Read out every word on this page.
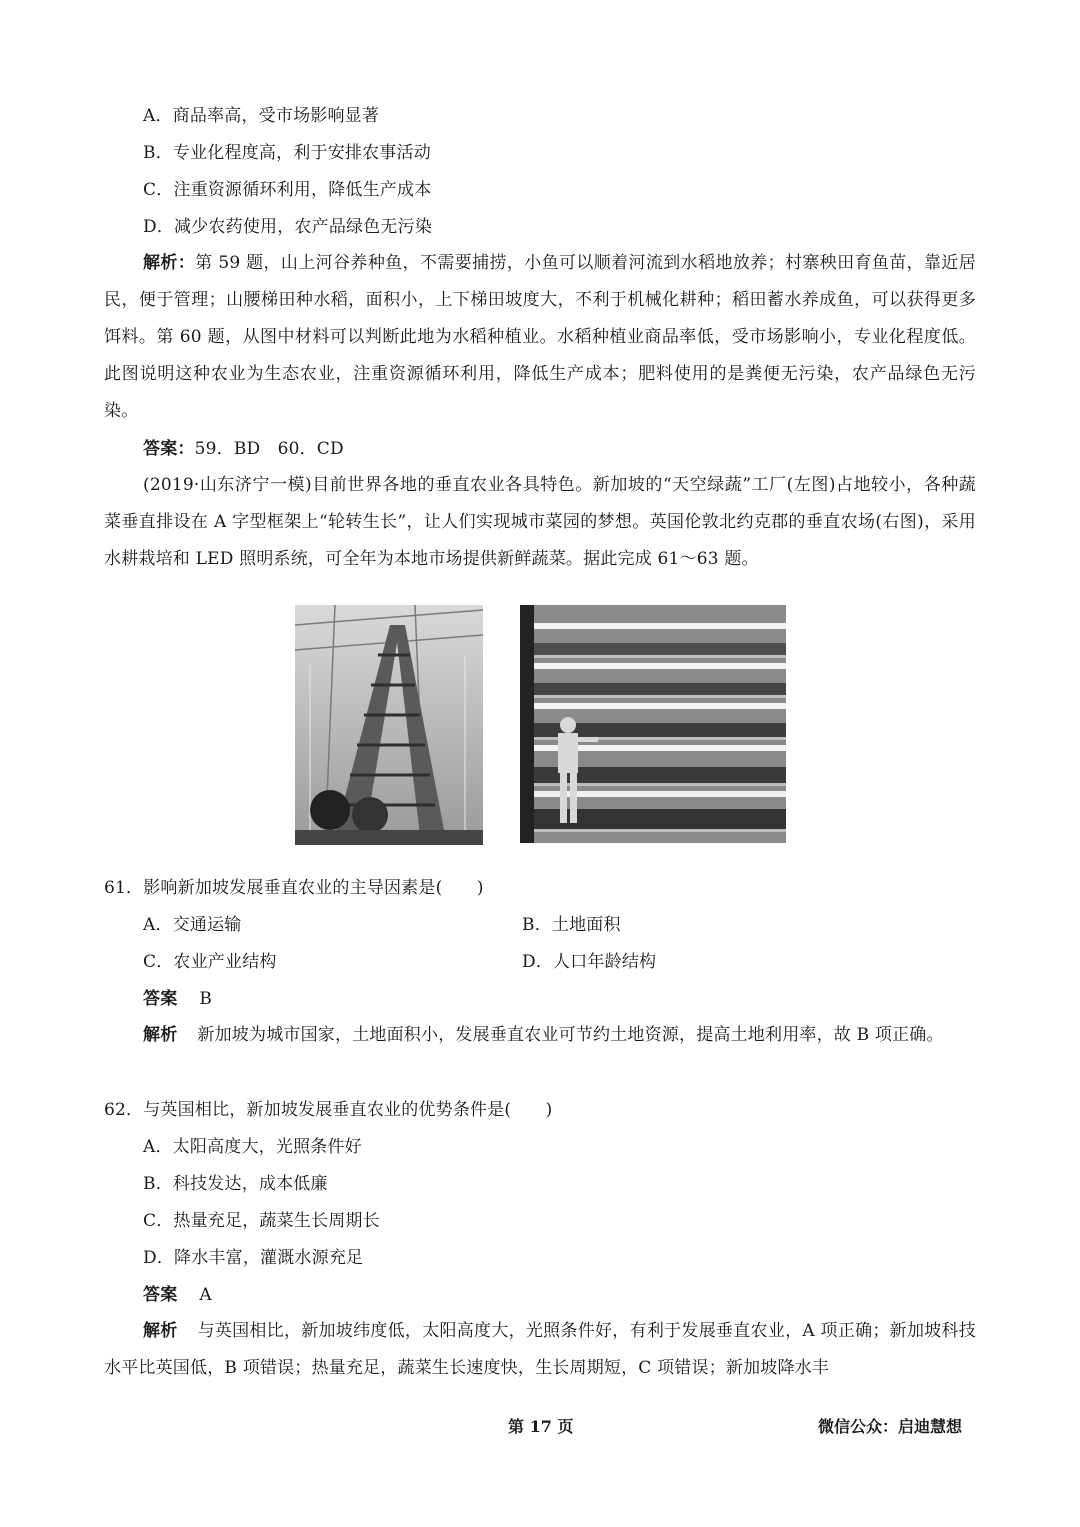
A．商品率高，受市场影响显著
B．专业化程度高，利于安排农事活动
C．注重资源循环利用，降低生产成本
D．减少农药使用，农产品绿色无污染
解析：第 59 题，山上河谷养种鱼，不需要捕捞，小鱼可以顺着河流到水稻地放养；村寨秧田育鱼苗，靠近居民，便于管理；山腰梯田种水稻，面积小，上下梯田坡度大，不利于机械化耕种；稻田蓄水养成鱼，可以获得更多饵料。第 60 题，从图中材料可以判断此地为水稻种植业。水稻种植业商品率低，受市场影响小，专业化程度低。此图说明这种农业为生态农业，注重资源循环利用，降低生产成本；肥料使用的是粪便无污染，农产品绿色无污染。
答案：59．BD　60．CD
(2019·山东济宁一模)目前世界各地的垂直农业各具特色。新加坡的“天空绿蔬”工厂(左图)占地较小，各种蔬菜垂直排设在 A 字型框架上“轮转生长”，让人们实现城市菜园的梦想。英国伦敦北约克郡的垂直农场(右图)，采用水耕栽培和 LED 照明系统，可全年为本地市场提供新鲜蔬菜。据此完成 61～63 题。
61．影响新加坡发展垂直农业的主导因素是(　　)
A．交通运输	B．土地面积
C．农业产业结构	D．人口年龄结构
答案 B
解析 新加坡为城市国家，土地面积小，发展垂直农业可节约土地资源，提高土地利用率，故 B 项正确。
62．与英国相比，新加坡发展垂直农业的优势条件是(　　)
A．太阳高度大，光照条件好
B．科技发达，成本低廉
C．热量充足，蔬菜生长周期长
D．降水丰富，灌溉水源充足
答案 A
解析 与英国相比，新加坡纬度低，太阳高度大，光照条件好，有利于发展垂直农业，A 项正确；新加坡科技水平比英国低，B 项错误；热量充足，蔬菜生长速度快，生长周期短，C 项错误；新加坡降水丰
第 17 页	微信公众：启迪慧想
